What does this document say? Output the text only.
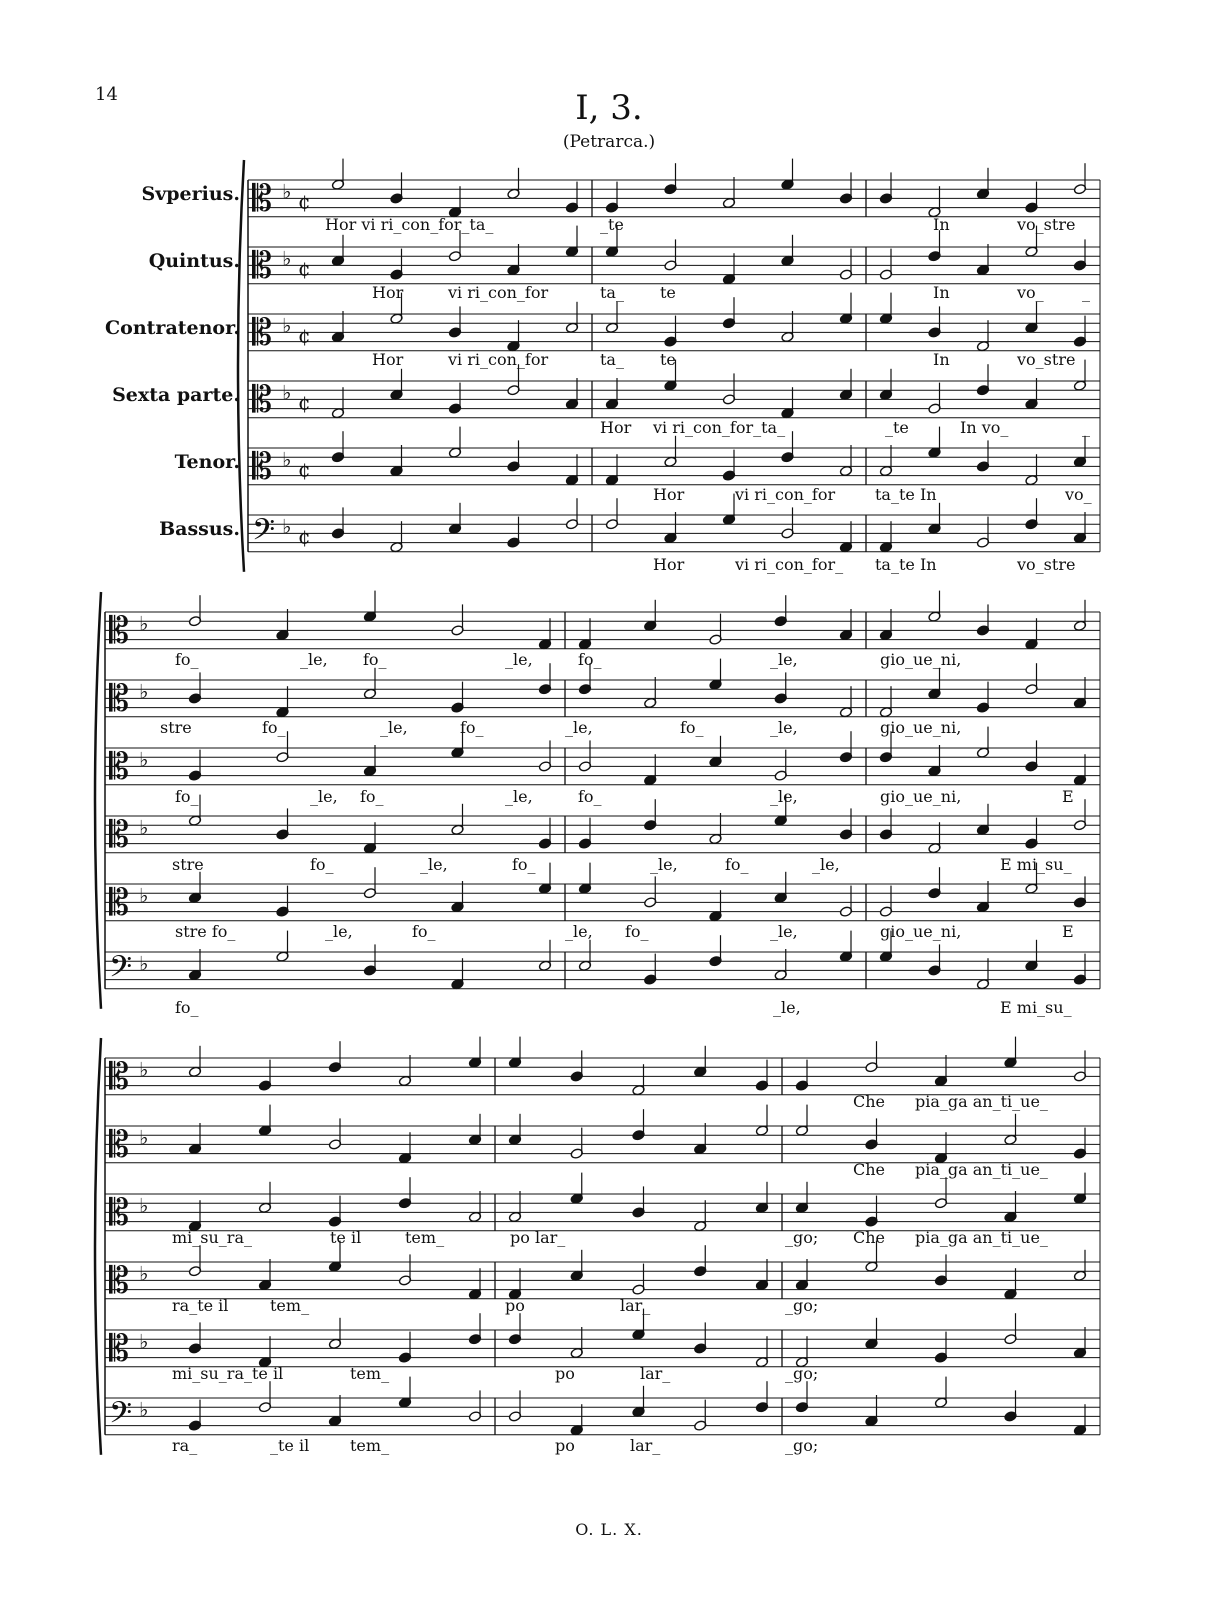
14	I, 3.
(Petrarca.)
Svperius.
Quintus.
Contratenor.
Sexta parte.
Tenor.
Bassus.
𝄡 ♭ ¢
𝄡 ♭ ¢
𝄡 ♭ ¢
𝄡 ♭ ¢
𝄡 ♭ ¢
𝄢 ♭ ¢
𝄡 ♭
𝄡 ♭
𝄡 ♭
𝄡 ♭
𝄡 ♭
𝄢 ♭
𝄡 ♭
𝄡 ♭
𝄡 ♭
𝄡 ♭
𝄡 ♭
𝄢 ♭
Hor vi ri_con_for_ta_	_te	In	vo_stre
Hor	vi ri_con_for	ta_ te	In	vo_ _
Hor	vi ri_con_for	ta_ te	In	vo_stre
Hor vi ri_con_for_ta_	_te	In vo_	_
Hor	vi ri_con_for ta_te In	vo_
Hor	vi ri_con_for_ ta_te In	vo_stre
fo_	_le, fo_	_le,	fo_	_le,	gio_ue_ni,
stre	fo_	_le,	fo_	_le,	fo_	_le,	gio_ue_ni,
fo_	_le, fo_	_le,	fo_	_le,	gio_ue_ni,	E
stre	fo_	_le,	fo_	_le,	fo_	_le,	E mi_su_
stre fo_	_le,	fo_	_le, fo_	_le,	gio_ue_ni,	E
fo_	_le,	E mi_su_
Che pia_ga an_ti_ue_
Che pia_ga an_ti_ue_
mi_su_ra_	te il	tem_	po lar_	_go; Che pia_ga an_ti_ue_
ra_te il	tem_	po	lar_	_go;
mi_su_ra_te il	tem_	po	lar_	_go;
ra_	_te il	tem_	po	lar_	_go;
O. L. X.
